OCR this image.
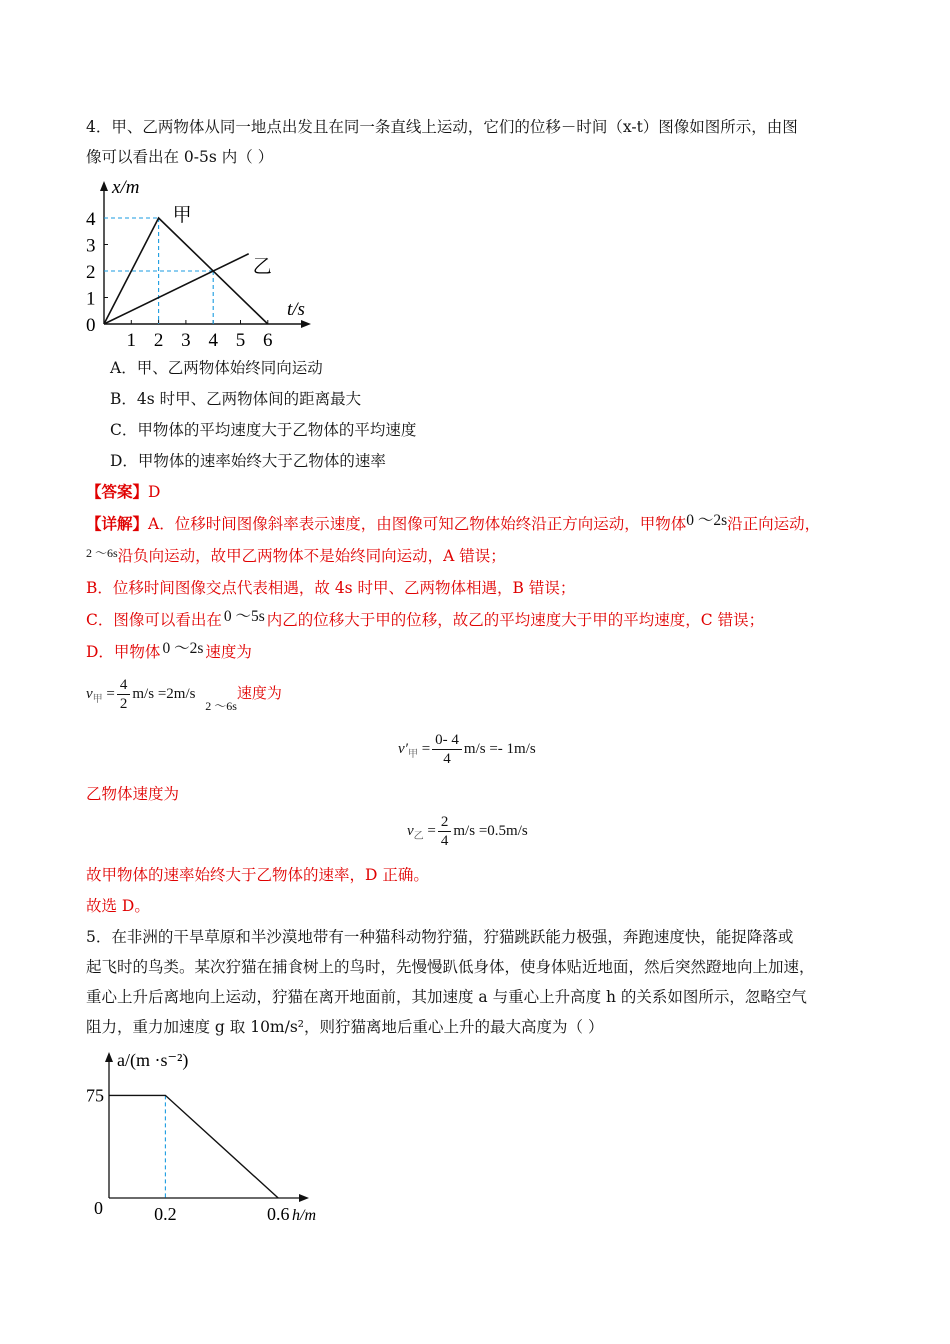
4．甲、乙两物体从同一地点出发且在同一条直线上运动，它们的位移－时间（x-t）图像如图所示，由图
像可以看出在 0-5s 内（ ）
x/m
t/s
0
1 2 3 4 5 6
1
2
3
4	甲
乙
A．甲、乙两物体始终同向运动
B．4s 时甲、乙两物体间的距离最大
C．甲物体的平均速度大于乙物体的平均速度
D．甲物体的速率始终大于乙物体的速率
【答案】D
【详解】A．位移时间图像斜率表示速度，由图像可知乙物体始终沿正方向运动，甲物体0 ～2s沿正向运动，
$^{2 \sim 6s}$沿负向运动，故甲乙两物体不是始终同向运动，A 错误；
B．位移时间图像交点代表相遇，故 4s 时甲、乙两物体相遇，B 错误；
C．图像可以看出在 0 ～5s 内乙的位移大于甲的位移，故乙的平均速度大于甲的平均速度，C 错误；
D．甲物体 0 ～2s 速度为
$v_甲 = \frac{4}{2} m/s =2m/s$ $_{2 \sim 6s}$速度为
$v'_甲 = \frac{0- 4}{4} m/s =- 1m/s$
乙物体速度为
$v_乙 = \frac{2}{4} m/s =0.5m/s$
故甲物体的速率始终大于乙物体的速率，D 正确。
故选 D。
5．在非洲的干旱草原和半沙漠地带有一种猫科动物狞猫，狞猫跳跃能力极强，奔跑速度快，能捉降落或
起飞时的鸟类。某次狞猫在捕食树上的鸟时，先慢慢趴低身体，使身体贴近地面，然后突然蹬地向上加速，
重心上升后离地向上运动，狞猫在离开地面前，其加速度 a 与重心上升高度 h 的关系如图所示，忽略空气
阻力，重力加速度 g 取 10m/s²，则狞猫离地后重心上升的最大高度为（ ）
a/(m ·s⁻²)
h/m
0	0.2	0.6
75
